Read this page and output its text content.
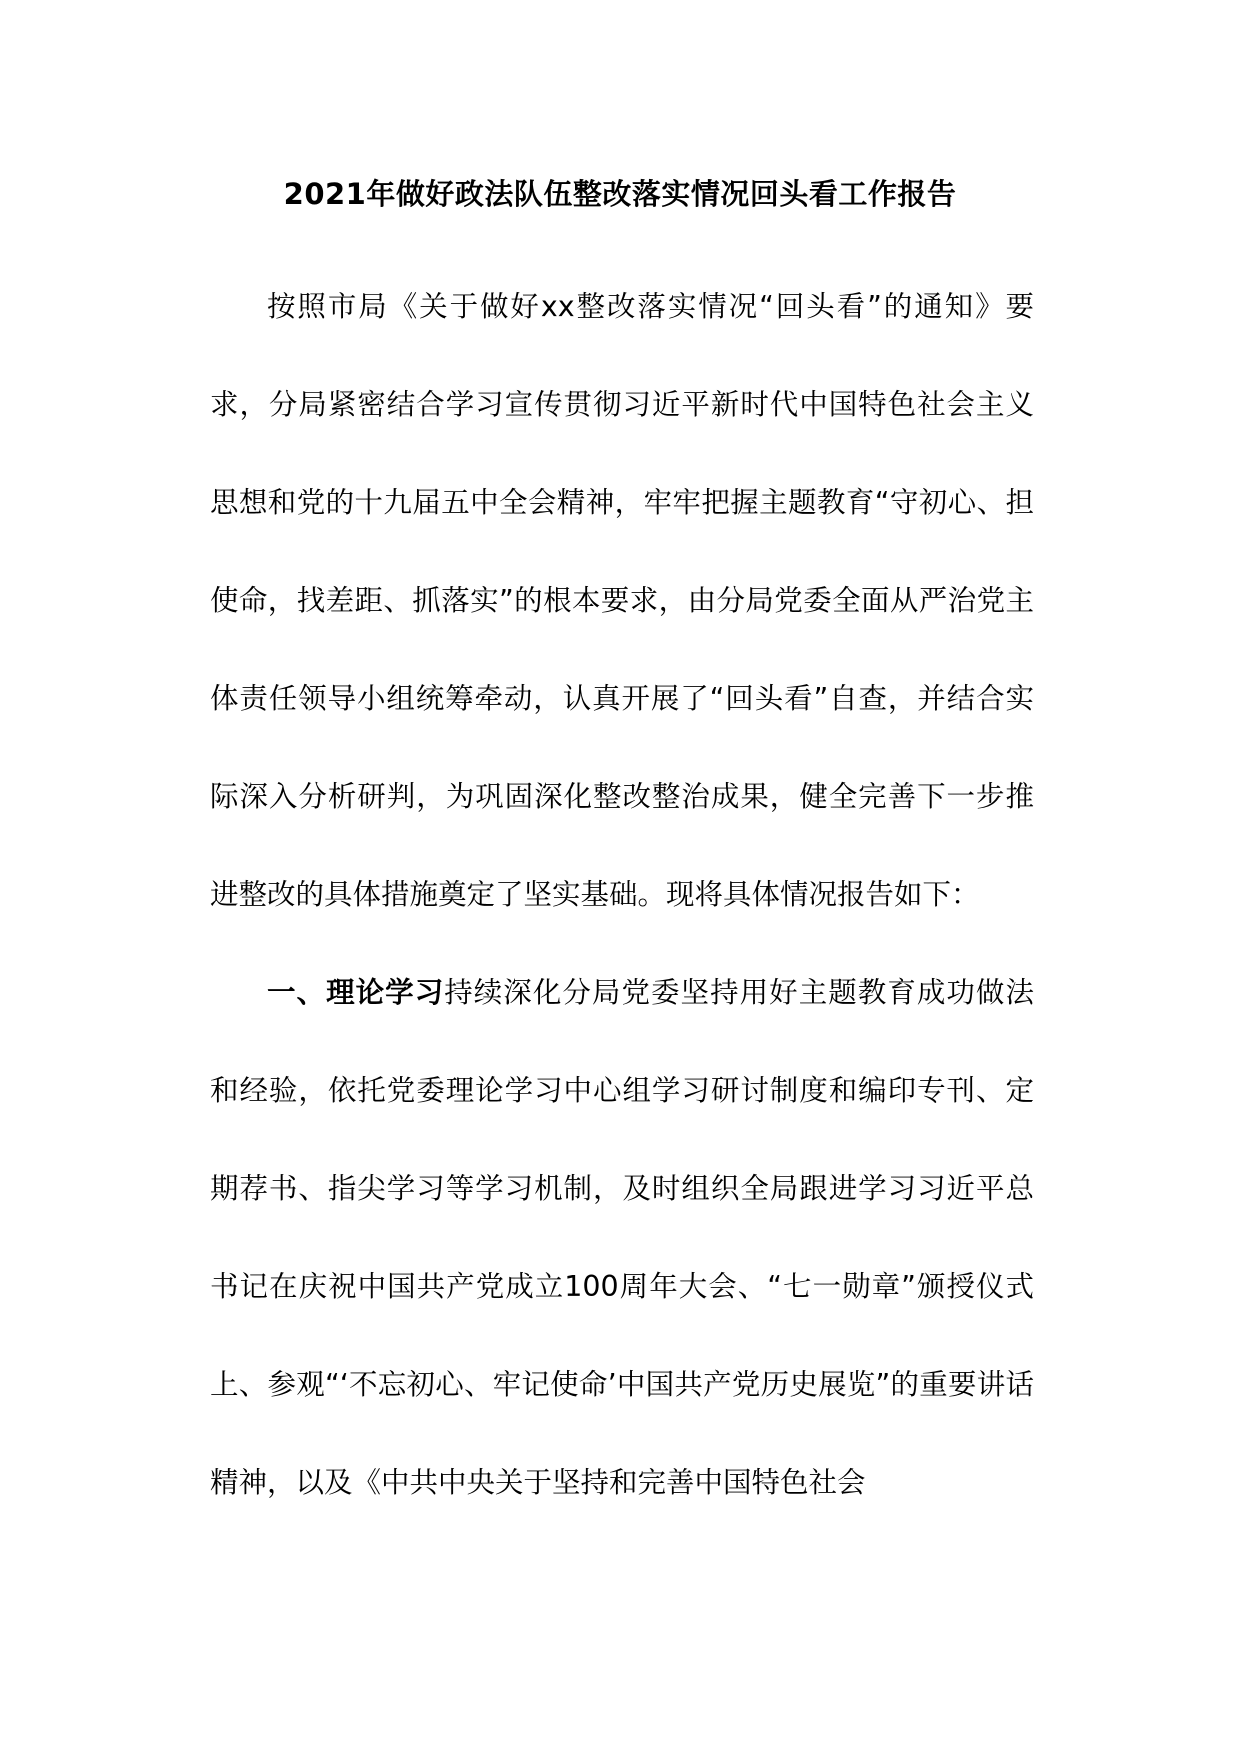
2021年做好政法队伍整改落实情况回头看工作报告

按照市局《关于做好xx整改落实情况“回头看”的通知》要求，分局紧密结合学习宣传贯彻习近平新时代中国特色社会主义思想和党的十九届五中全会精神，牢牢把握主题教育“守初心、担使命，找差距、抓落实”的根本要求，由分局党委全面从严治党主体责任领导小组统筹牵动，认真开展了“回头看”自查，并结合实际深入分析研判，为巩固深化整改整治成果，健全完善下一步推进整改的具体措施奠定了坚实基础。现将具体情况报告如下：

一、理论学习持续深化分局党委坚持用好主题教育成功做法和经验，依托党委理论学习中心组学习研讨制度和编印专刊、定期荐书、指尖学习等学习机制，及时组织全局跟进学习习近平总书记在庆祝中国共产党成立100周年大会、“七一勋章”颁授仪式上、参观“‘不忘初心、牢记使命’中国共产党历史展览”的重要讲话精神，以及《中共中央关于坚持和完善中国特色社会
